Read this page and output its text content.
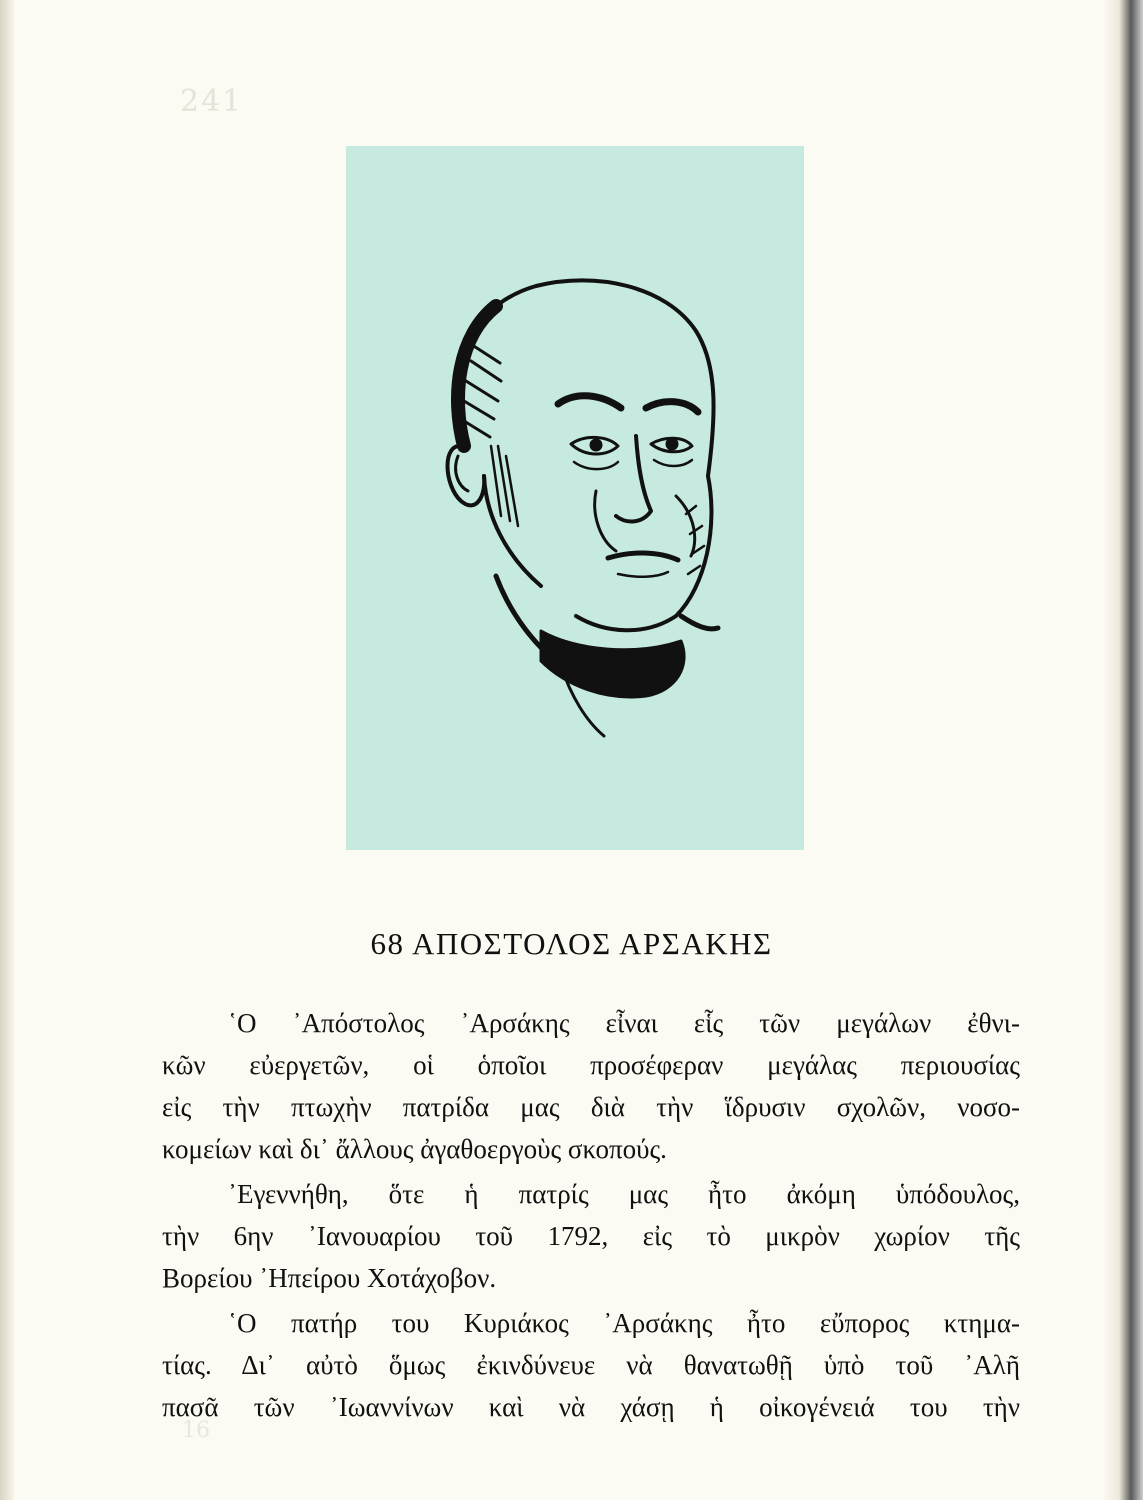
241
16
68 ΑΠΟΣΤΟΛΟΣ ΑΡΣΑΚΗΣ
῾Ο ᾿Απόστολος ᾿Αρσάκης εἶναι εἷς τῶν μεγάλων ἐθνι-
κῶν εὐεργετῶν, οἱ ὁποῖοι προσέφεραν μεγάλας περιουσίας
εἰς τὴν πτωχὴν πατρίδα μας διὰ τὴν ἵδρυσιν σχολῶν, νοσο-
κομείων καὶ δι᾿ ἄλλους ἀγαθοεργοὺς σκοπούς.
᾿Εγεννήθη, ὅτε ἡ πατρίς μας ἦτο ἀκόμη ὑπόδουλος,
τὴν 6ην ᾿Ιανουαρίου τοῦ 1792, εἰς τὸ μικρὸν χωρίον τῆς
Βορείου ᾿Ηπείρου Χοτάχοβον.
῾Ο πατήρ του Κυριάκος ᾿Αρσάκης ἦτο εὔπορος κτημα-
τίας. Δι᾿ αὐτὸ ὅμως ἐκινδύνευε νὰ θανατωθῇ ὑπὸ τοῦ ᾿Αλῆ
πασᾶ τῶν ᾿Ιωαννίνων καὶ νὰ χάσῃ ἡ οἰκογένειά του τὴν
